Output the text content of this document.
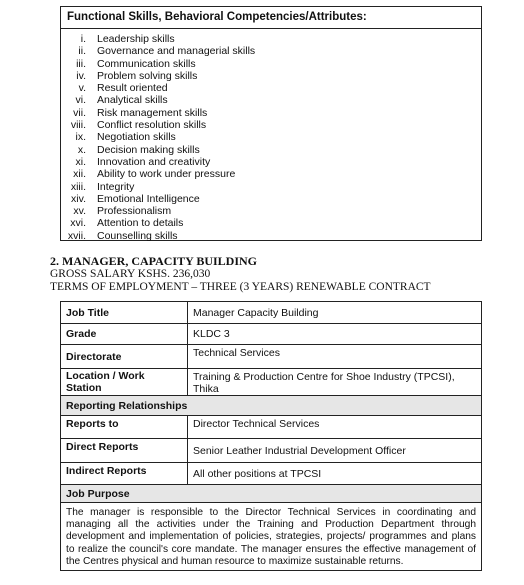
Functional Skills, Behavioral Competencies/Attributes:
i. Leadership skills
ii. Governance and managerial skills
iii. Communication skills
iv. Problem solving skills
v. Result oriented
vi. Analytical skills
vii. Risk management skills
viii. Conflict resolution skills
ix. Negotiation skills
x. Decision making skills
xi. Innovation and creativity
xii. Ability to work under pressure
xiii. Integrity
xiv. Emotional Intelligence
xv. Professionalism
xvi. Attention to details
xvii. Counselling skills
2. MANAGER, CAPACITY BUILDING
GROSS SALARY KSHS. 236,030
TERMS OF EMPLOYMENT – THREE (3 YEARS) RENEWABLE CONTRACT
Job Title	Manager Capacity Building
Grade	KLDC 3
Directorate	Technical Services
Location / Work Station	Training & Production Centre for Shoe Industry (TPCSI), Thika
Reporting Relationships	
Reports to	Director Technical Services
Direct Reports	Senior Leather Industrial Development Officer
Indirect Reports	All other positions at TPCSI
Job Purpose	
The manager is responsible to the Director Technical Services in coordinating and managing all the activities under the Training and Production Department through development and implementation of policies, strategies, projects/ programmes and plans to realize the council's core mandate. The manager ensures the effective management of the Centres physical and human resource to maximize sustainable returns.	
